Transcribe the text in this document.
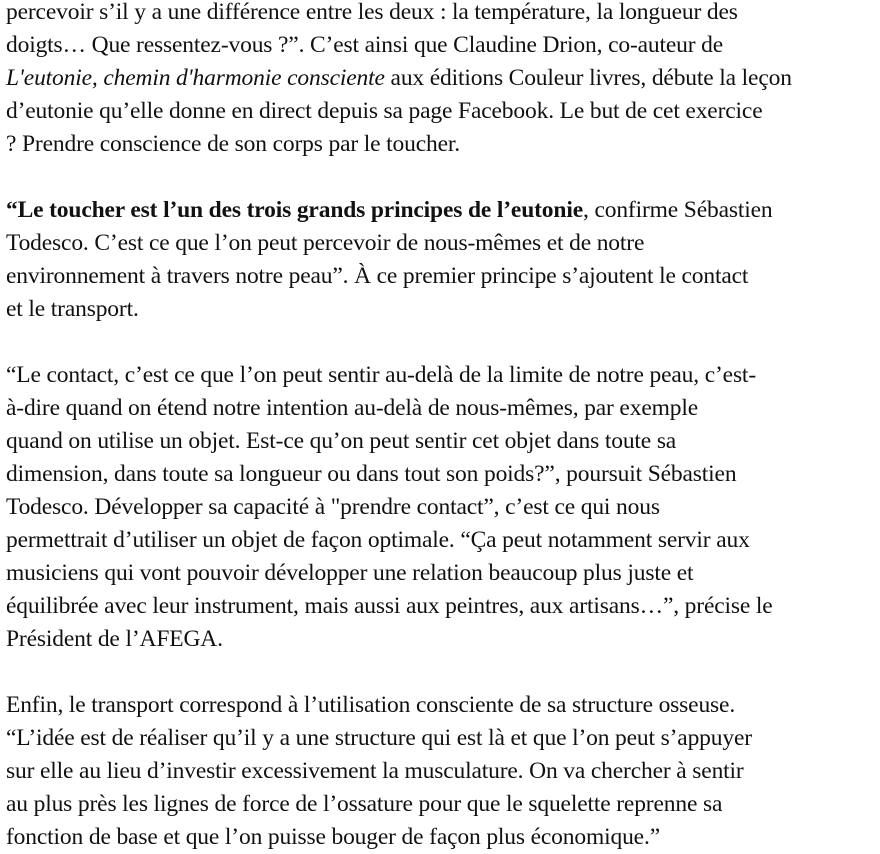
percevoir s’il y a une différence entre les deux : la température, la longueur des
doigts… Que ressentez-vous ?”. C’est ainsi que Claudine Drion, co-auteur de
L'eutonie, chemin d'harmonie consciente aux éditions Couleur livres, débute la leçon
d’eutonie qu’elle donne en direct depuis sa page Facebook. Le but de cet exercice
? Prendre conscience de son corps par le toucher.
“Le toucher est l’un des trois grands principes de l’eutonie, confirme Sébastien
Todesco. C’est ce que l’on peut percevoir de nous-mêmes et de notre
environnement à travers notre peau”. À ce premier principe s’ajoutent le contact
et le transport.
“Le contact, c’est ce que l’on peut sentir au-delà de la limite de notre peau, c’est-
à-dire quand on étend notre intention au-delà de nous-mêmes, par exemple
quand on utilise un objet. Est-ce qu’on peut sentir cet objet dans toute sa
dimension, dans toute sa longueur ou dans tout son poids?”, poursuit Sébastien
Todesco. Développer sa capacité à "prendre contact”, c’est ce qui nous
permettrait d’utiliser un objet de façon optimale. “Ça peut notamment servir aux
musiciens qui vont pouvoir développer une relation beaucoup plus juste et
équilibrée avec leur instrument, mais aussi aux peintres, aux artisans…”, précise le
Président de l’AFEGA.
Enfin, le transport correspond à l’utilisation consciente de sa structure osseuse.
“L’idée est de réaliser qu’il y a une structure qui est là et que l’on peut s’appuyer
sur elle au lieu d’investir excessivement la musculature. On va chercher à sentir
au plus près les lignes de force de l’ossature pour que le squelette reprenne sa
fonction de base et que l’on puisse bouger de façon plus économique.”
